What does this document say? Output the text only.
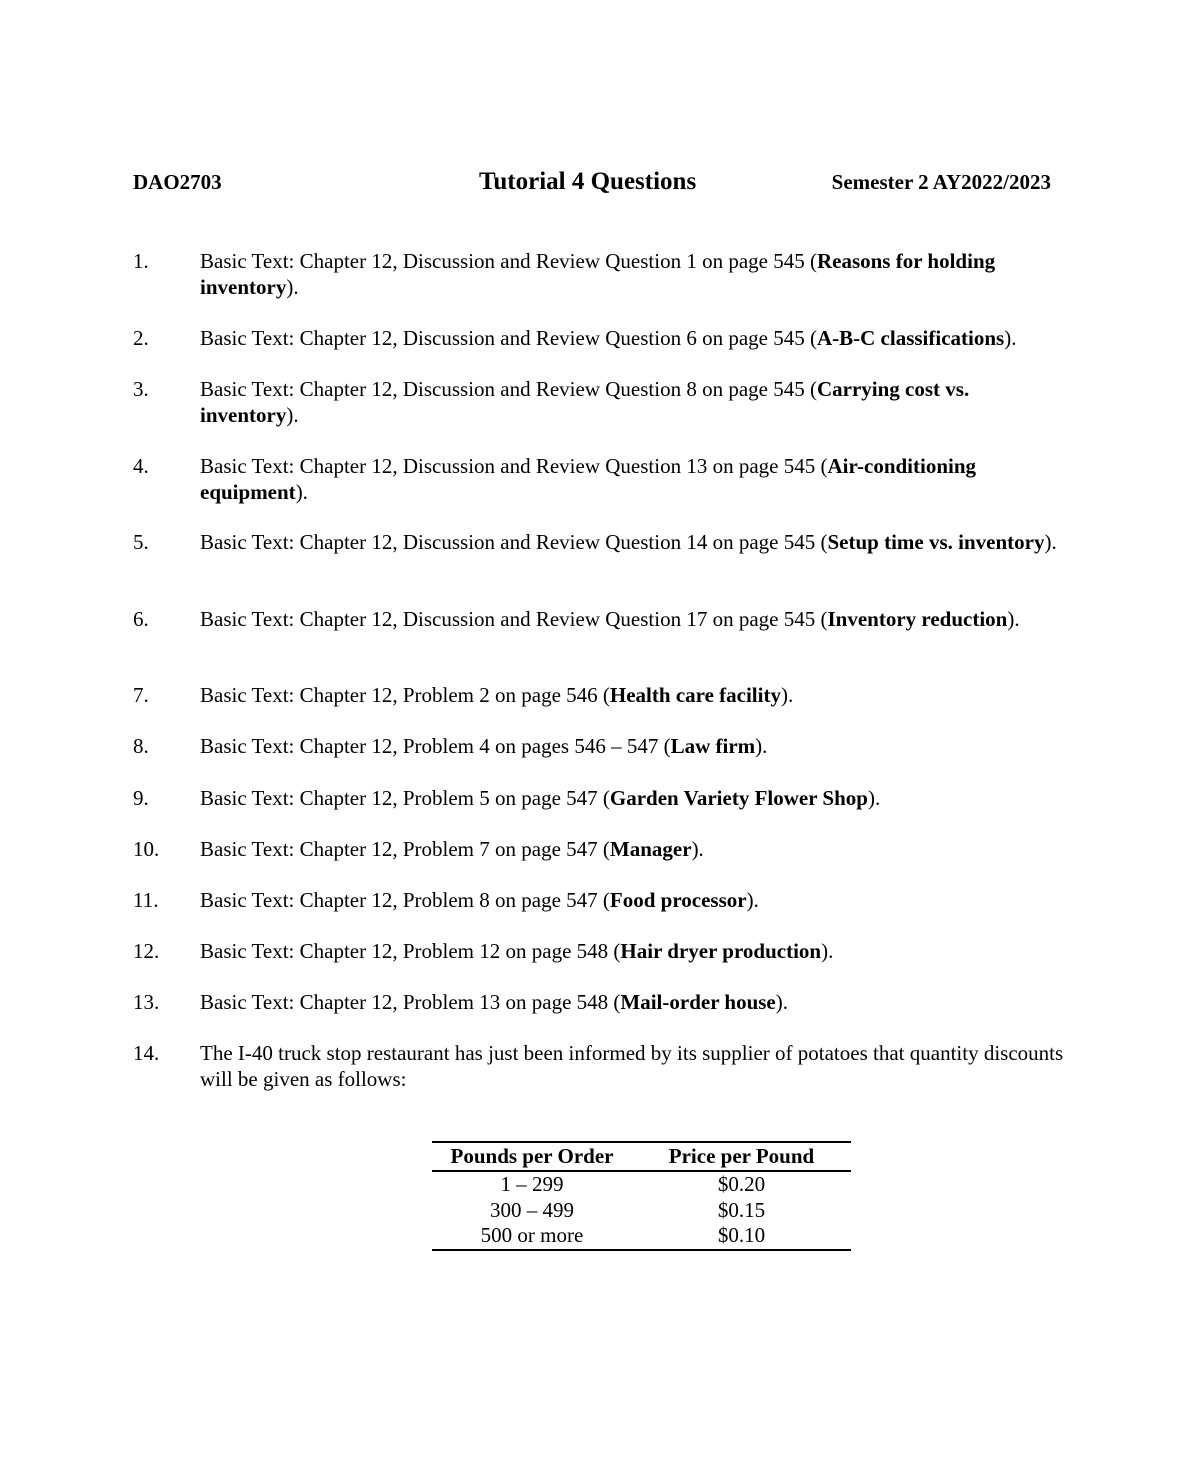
DAO2703	Tutorial 4 Questions	Semester 2 AY2022/2023
1. Basic Text: Chapter 12, Discussion and Review Question 1 on page 545 (Reasons for holding inventory).
2. Basic Text: Chapter 12, Discussion and Review Question 6 on page 545 (A-B-C classifications).
3. Basic Text: Chapter 12, Discussion and Review Question 8 on page 545 (Carrying cost vs. inventory).
4. Basic Text: Chapter 12, Discussion and Review Question 13 on page 545 (Air-conditioning equipment).
5. Basic Text: Chapter 12, Discussion and Review Question 14 on page 545 (Setup time vs. inventory).
6. Basic Text: Chapter 12, Discussion and Review Question 17 on page 545 (Inventory reduction).
7. Basic Text: Chapter 12, Problem 2 on page 546 (Health care facility).
8. Basic Text: Chapter 12, Problem 4 on pages 546 – 547 (Law firm).
9. Basic Text: Chapter 12, Problem 5 on page 547 (Garden Variety Flower Shop).
10. Basic Text: Chapter 12, Problem 7 on page 547 (Manager).
11. Basic Text: Chapter 12, Problem 8 on page 547 (Food processor).
12. Basic Text: Chapter 12, Problem 12 on page 548 (Hair dryer production).
13. Basic Text: Chapter 12, Problem 13 on page 548 (Mail-order house).
14. The I-40 truck stop restaurant has just been informed by its supplier of potatoes that quantity discounts will be given as follows:
Pounds per Order	Price per Pound
1 – 299	$0.20
300 – 499	$0.15
500 or more	$0.10
